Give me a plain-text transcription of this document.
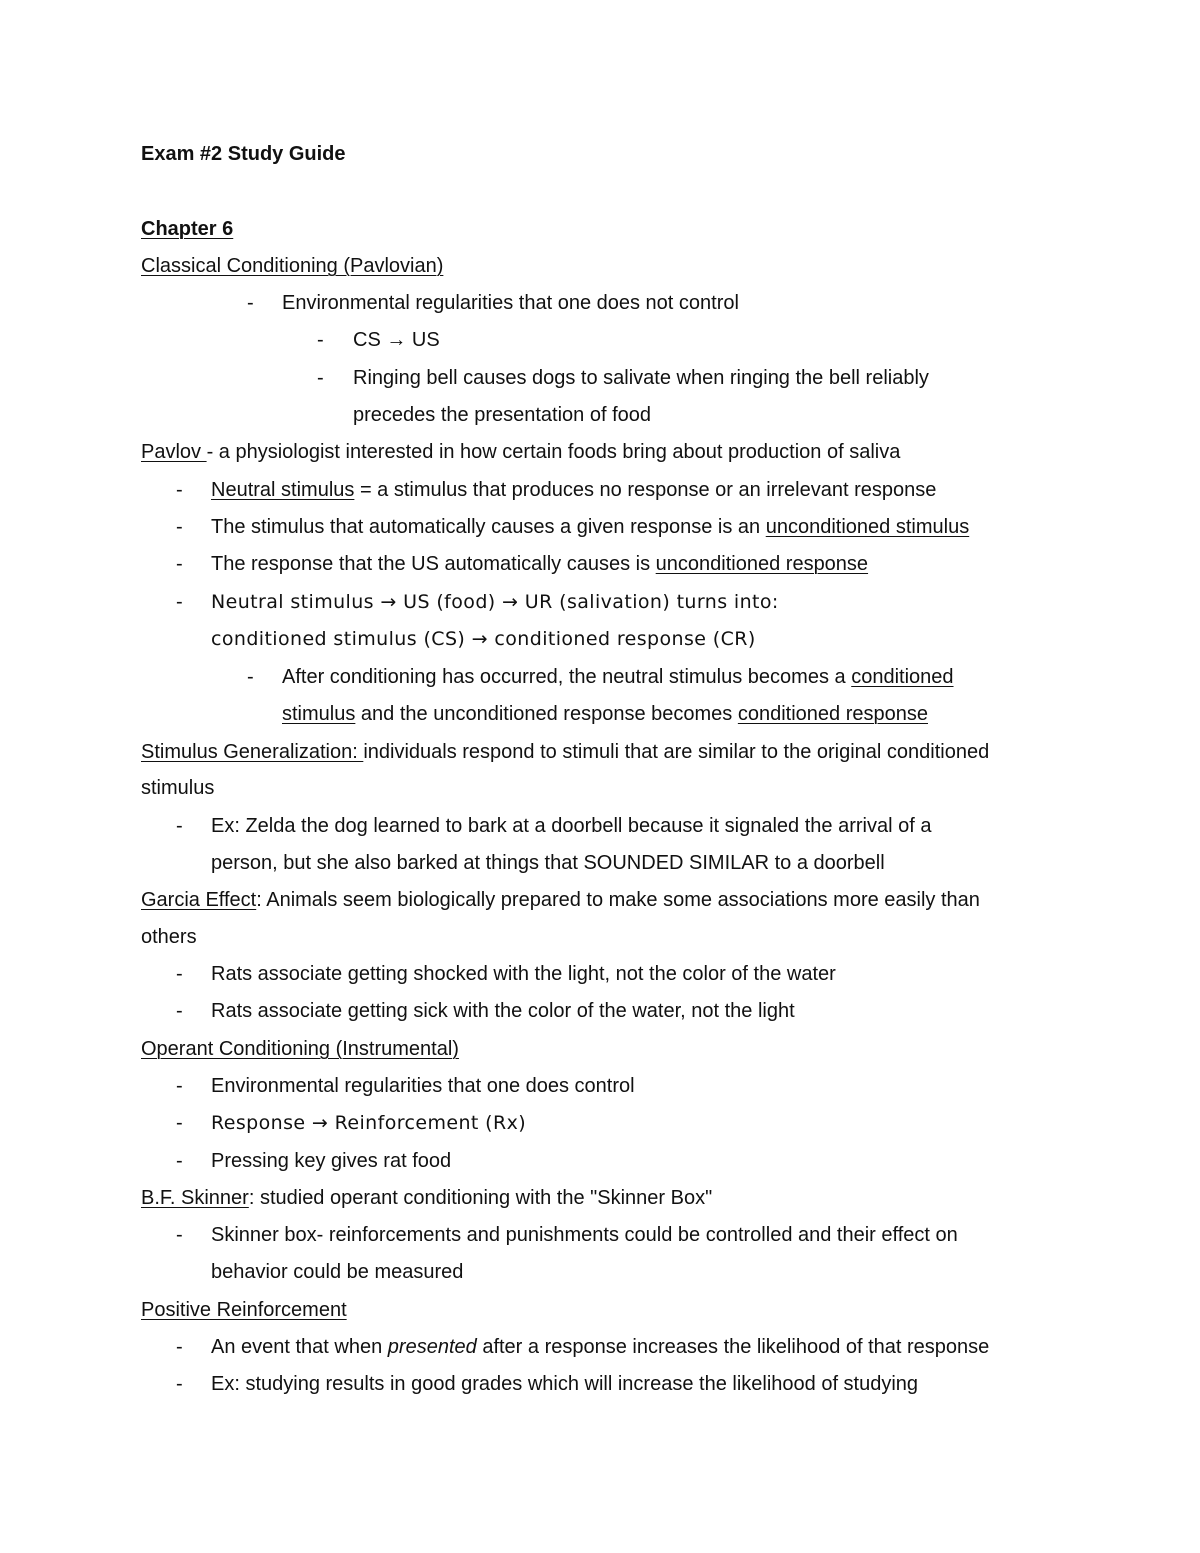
Exam #2 Study Guide
Chapter 6
Classical Conditioning (Pavlovian)
- Environmental regularities that one does not control
- CS → US
- Ringing bell causes dogs to salivate when ringing the bell reliably
precedes the presentation of food
Pavlov - a physiologist interested in how certain foods bring about production of saliva
- Neutral stimulus = a stimulus that produces no response or an irrelevant response
- The stimulus that automatically causes a given response is an unconditioned stimulus
- The response that the US automatically causes is unconditioned response
- Neutral stimulus → US (food) → UR (salivation) turns into:
conditioned stimulus (CS) → conditioned response (CR)
- After conditioning has occurred, the neutral stimulus becomes a conditioned
stimulus and the unconditioned response becomes conditioned response
Stimulus Generalization: individuals respond to stimuli that are similar to the original conditioned
stimulus
- Ex: Zelda the dog learned to bark at a doorbell because it signaled the arrival of a
person, but she also barked at things that SOUNDED SIMILAR to a doorbell
Garcia Effect: Animals seem biologically prepared to make some associations more easily than
others
- Rats associate getting shocked with the light, not the color of the water
- Rats associate getting sick with the color of the water, not the light
Operant Conditioning (Instrumental)
- Environmental regularities that one does control
- Response → Reinforcement (Rx)
- Pressing key gives rat food
B.F. Skinner: studied operant conditioning with the "Skinner Box"
- Skinner box- reinforcements and punishments could be controlled and their effect on
behavior could be measured
Positive Reinforcement
- An event that when presented after a response increases the likelihood of that response
- Ex: studying results in good grades which will increase the likelihood of studying
